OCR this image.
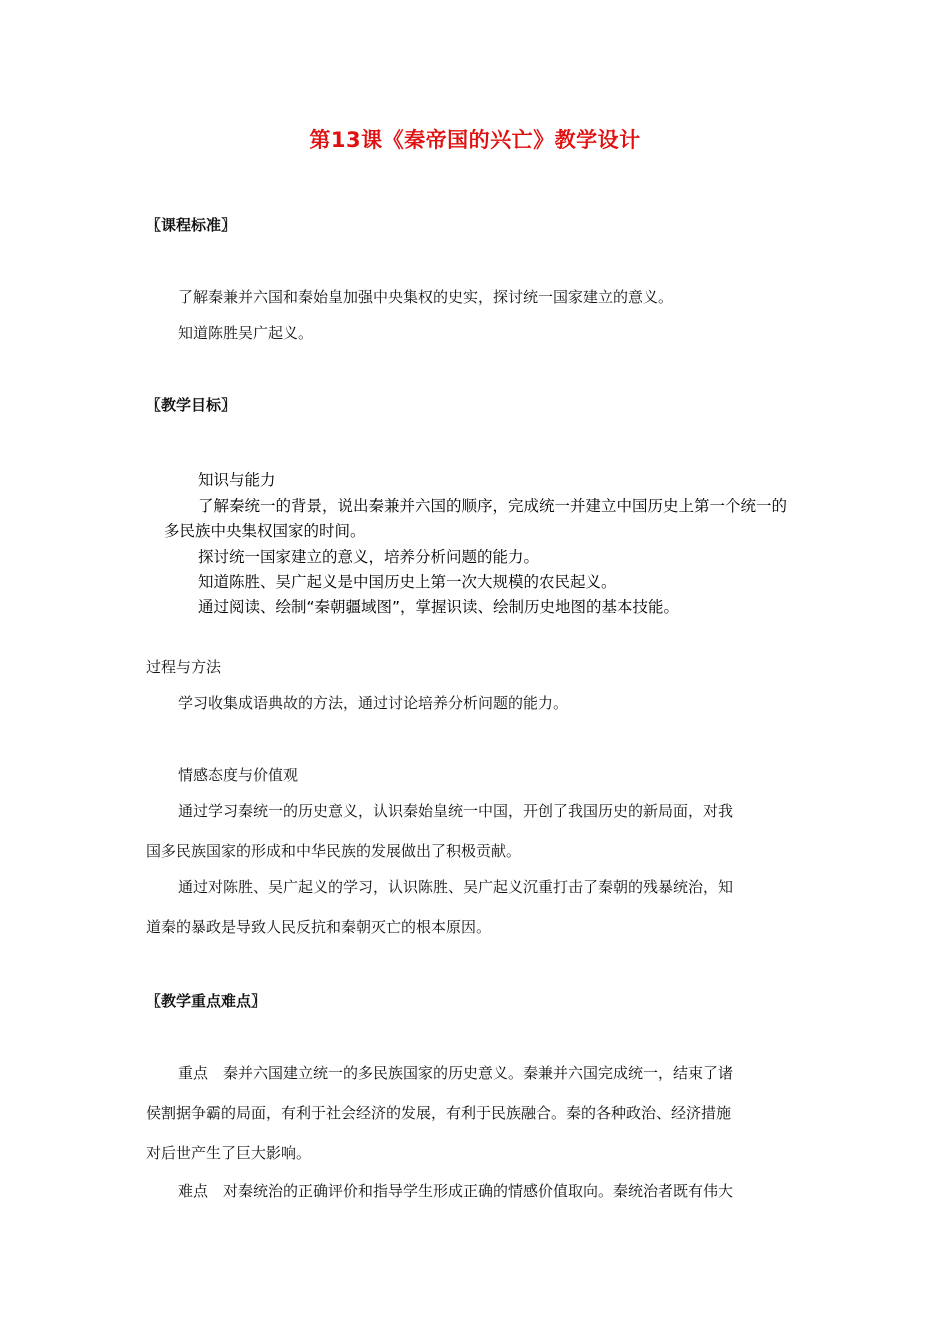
第13课《秦帝国的兴亡》教学设计
〖课程标准〗
了解秦兼并六国和秦始皇加强中央集权的史实，探讨统一国家建立的意义。
知道陈胜吴广起义。
〖教学目标〗
知识与能力
了解秦统一的背景，说出秦兼并六国的顺序，完成统一并建立中国历史上第一个统一的
多民族中央集权国家的时间。
探讨统一国家建立的意义，培养分析问题的能力。
知道陈胜、吴广起义是中国历史上第一次大规模的农民起义。
通过阅读、绘制“秦朝疆域图”，掌握识读、绘制历史地图的基本技能。
过程与方法
学习收集成语典故的方法，通过讨论培养分析问题的能力。
情感态度与价值观
通过学习秦统一的历史意义，认识秦始皇统一中国，开创了我国历史的新局面，对我
国多民族国家的形成和中华民族的发展做出了积极贡献。
通过对陈胜、吴广起义的学习，认识陈胜、吴广起义沉重打击了秦朝的残暴统治，知
道秦的暴政是导致人民反抗和秦朝灭亡的根本原因。
〖教学重点难点〗
重点　秦并六国建立统一的多民族国家的历史意义。秦兼并六国完成统一，结束了诸
侯割据争霸的局面，有利于社会经济的发展，有利于民族融合。秦的各种政治、经济措施
对后世产生了巨大影响。
难点　对秦统治的正确评价和指导学生形成正确的情感价值取向。秦统治者既有伟大
